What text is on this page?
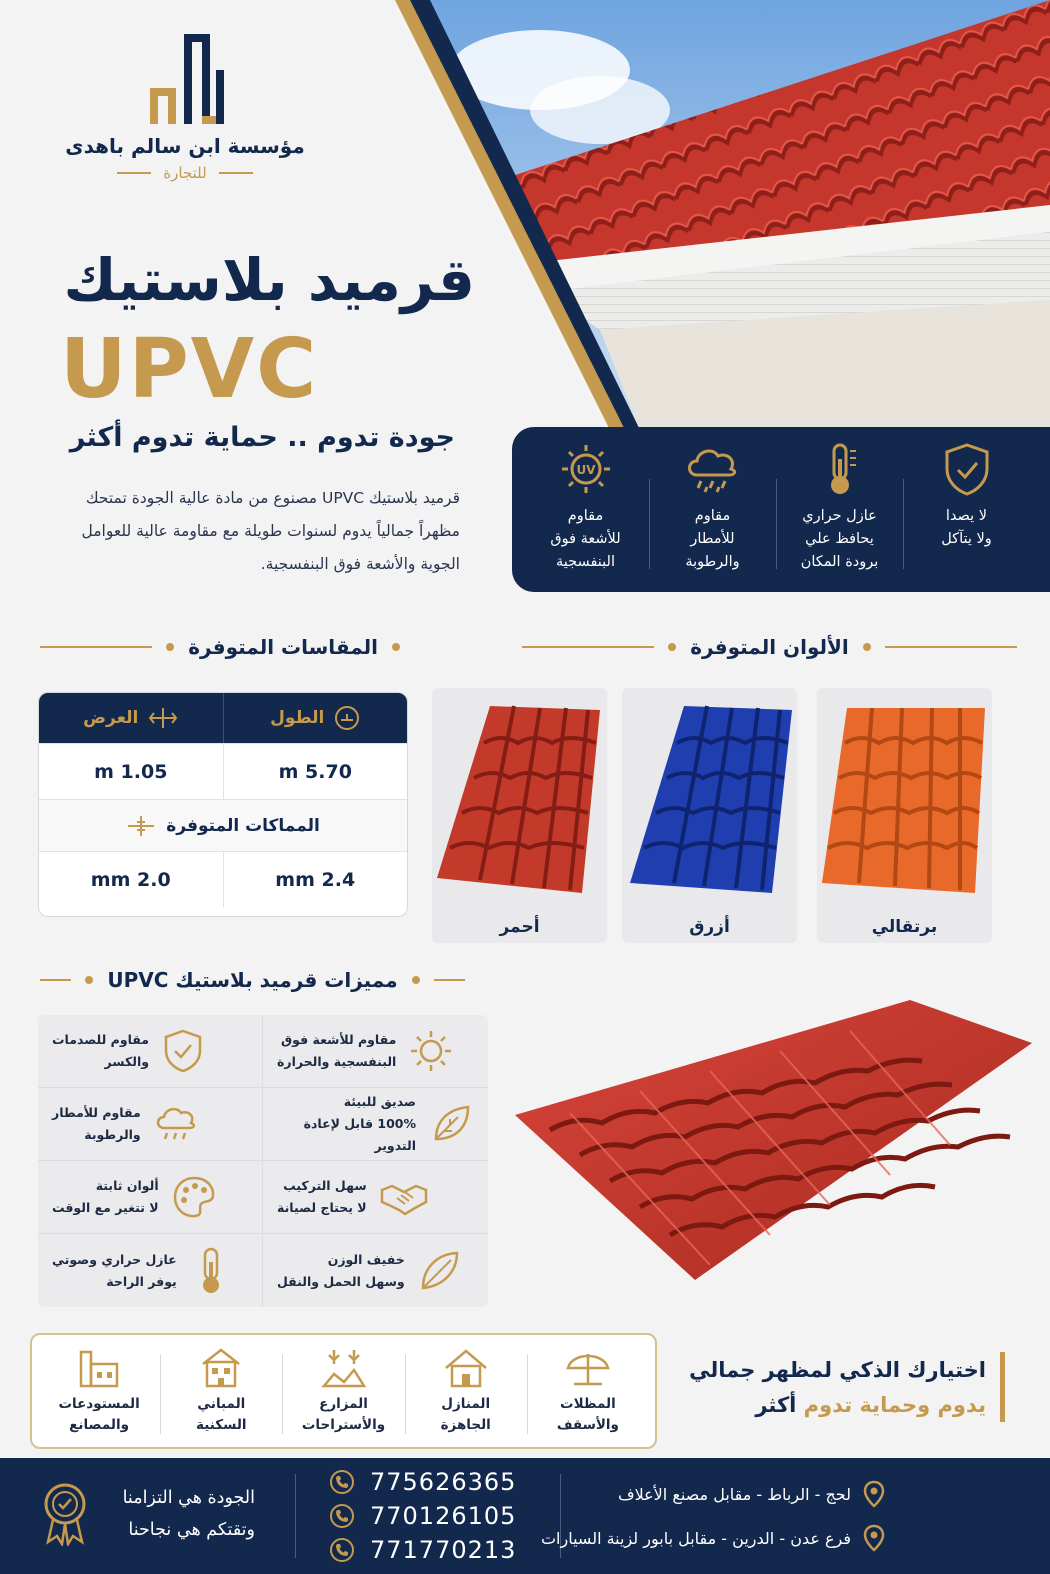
مؤسسة ابن سالم باهدى
للتجارة
قرميد بلاستيك
UPVC
جودة تدوم .. حماية تدوم أكثر
قرميد بلاستيك UPVC مصنوع من مادة عالية الجودة تمتحك مظهراً جمالياً يدوم لسنوات طويلة مع مقاومة عالية للعوامل الجوية والأشعة فوق البنفسجية.
لا يصدا
ولا يتآكل
عازل حراري
يحافظ علي
برودة المكان
مقاوم
للأمطار
والرطوبة
UV
مقاوم
للأشعة فوق
البنفسجية
المقاسات المتوفرة	الألوان المتوفرة
مميزات قرميد بلاستيك UPVC
الطول
العرض
5.70 m
1.05 m
المماكات المتوفرة
2.4 mm
2.0 mm
برتقالي
أزرق
أحمر
مقاوم للصدمات
والكسر
مقاوم للأشعة فوق
البنفسجية والحرارة
مقاوم للأمطار
والرطوبة
صديق للبيئة
100% قابل لإعادة التدوير
ألوان ثابتة
لا تتغير مع الوقت
سهل التركيب
لا يحتاج لصيانة
عازل حراري وصوتي
يوفر الراحة
خفيف الوزن
وسهل الحمل والنقل
المظلات
والأسقف
المنازل
الجاهزة
المزارع
والأستراحات
المباني
السكنية
المستودعات
والمصانع
اختيارك الذكي لمظهر جمالي
يدوم وحماية تدوم أكثر
الجودة هي التزامنا
وتقتكم هي نجاحنا
775626365
770126105
771770213
لحج - الرباط - مقابل مصنع الأعلاف
فرع عدن - الدرين - مقابل بابور لزينة السيارات
